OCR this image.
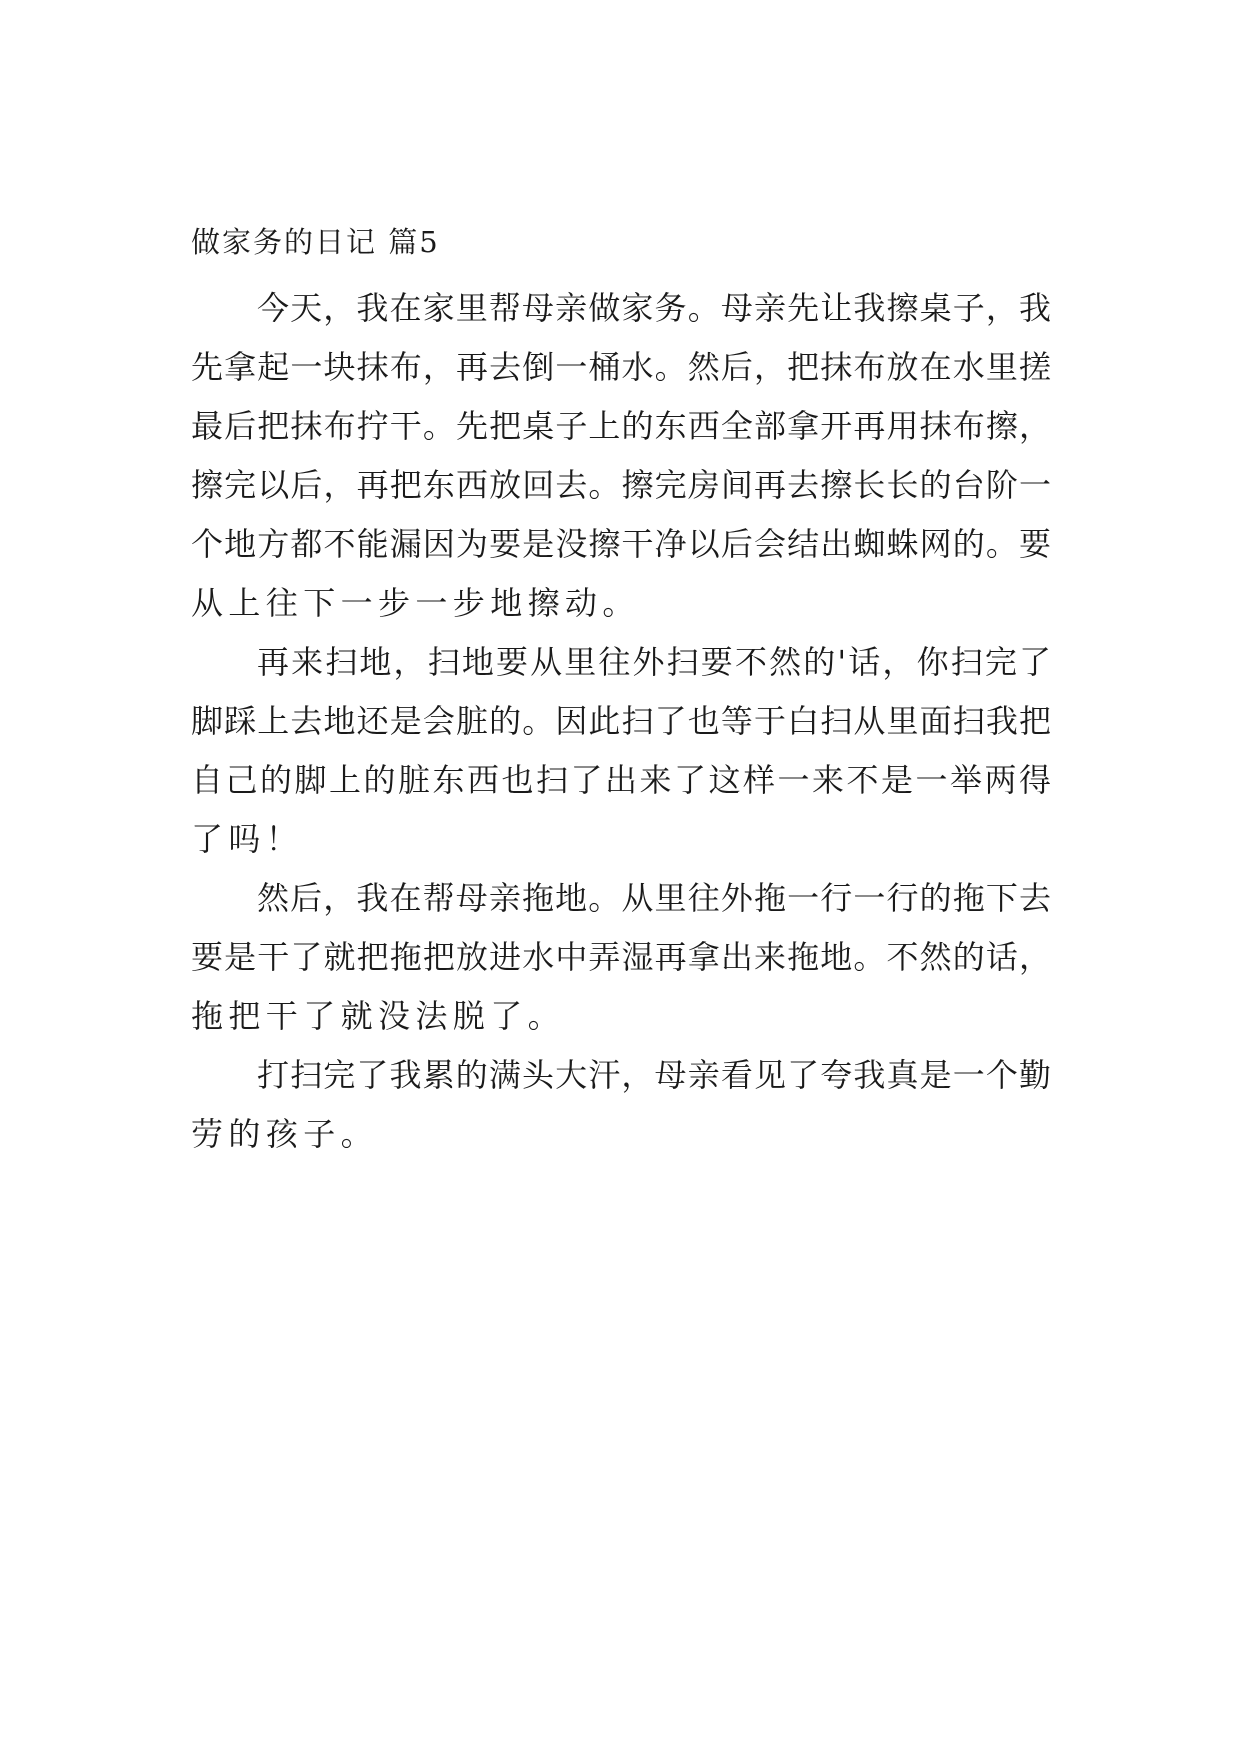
做家务的日记 篇5

今天，我在家里帮母亲做家务。母亲先让我擦桌子，我

先拿起一块抹布，再去倒一桶水。然后，把抹布放在水里搓

最后把抹布拧干。先把桌子上的东西全部拿开再用抹布擦，

擦完以后，再把东西放回去。擦完房间再去擦长长的台阶一

个地方都不能漏因为要是没擦干净以后会结出蜘蛛网的。要

从上往下一步一步地擦动。

再来扫地，扫地要从里往外扫要不然的'话，你扫完了

脚踩上去地还是会脏的。因此扫了也等于白扫从里面扫我把

自己的脚上的脏东西也扫了出来了这样一来不是一举两得

了吗！

然后，我在帮母亲拖地。从里往外拖一行一行的拖下去

要是干了就把拖把放进水中弄湿再拿出来拖地。不然的话，

拖把干了就没法脱了。

打扫完了我累的满头大汗，母亲看见了夸我真是一个勤

劳的孩子。
